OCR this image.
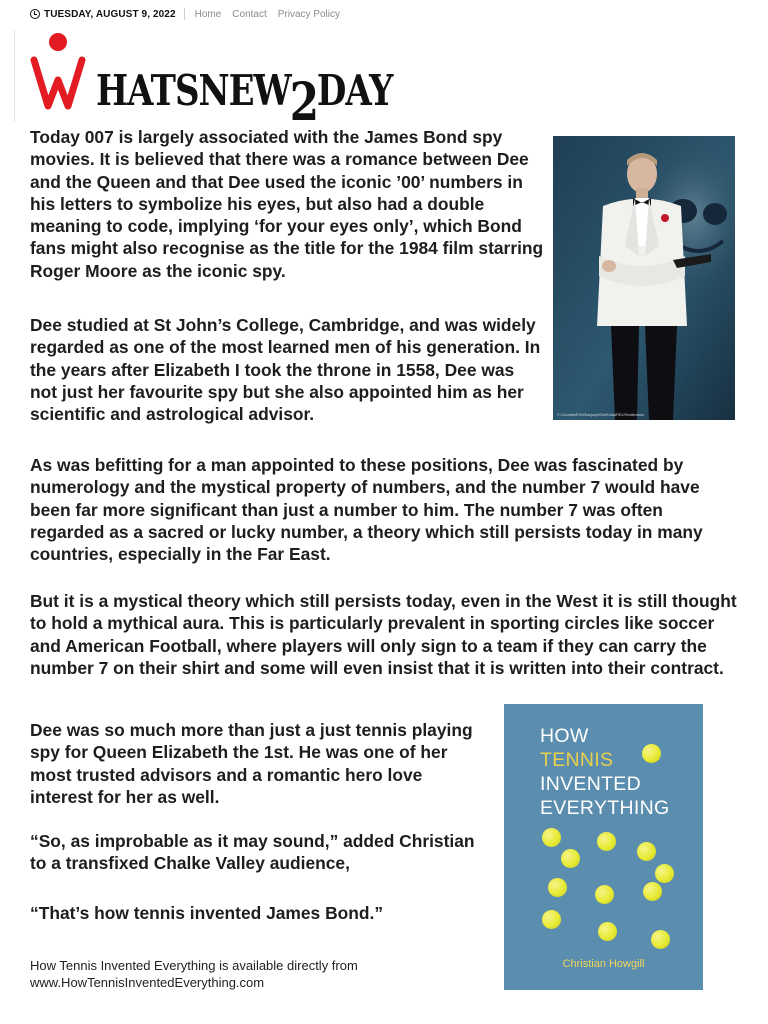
TUESDAY, AUGUST 9, 2022 Home Contact Privacy Policy
HATSNEW2DAY

Today 007 is largely associated with the James Bond spy movies. It is believed that there was a romance between Dee and the Queen and that Dee used the iconic ’00’ numbers in his letters to symbolize his eyes, but also had a double meaning to code, implying ‘for your eyes only’, which Bond fans might also recognise as the title for the 1984 film starring Roger Moore as the iconic spy.

Dee studied at St John’s College, Cambridge, and was widely regarded as one of the most learned men of his generation. In the years after Elizabeth I took the throne in 1558, Dee was not just her favourite spy but she also appointed him as her scientific and astrological advisor.

As was befitting for a man appointed to these positions, Dee was fascinated by numerology and the mystical property of numbers, and the number 7 would have been far more significant than just a number to him. The number 7 was often regarded as a sacred or lucky number, a theory which still persists today in many countries, especially in the Far East.

But it is a mystical theory which still persists today, even in the West it is still thought to hold a mythical aura. This is particularly prevalent in sporting circles like soccer and American Football, where players will only sign to a team if they can carry the number 7 on their shirt and some will even insist that it is written into their contract.

Dee was so much more than just a just tennis playing spy for Queen Elizabeth the 1st. He was one of her most trusted advisors and a romantic hero love interest for her as well.

“So, as improbable as it may sound,” added Christian to a transfixed Chalke Valley audience,

“That’s how tennis invented James Bond.”

© Columbia/EON/Danjaq/MGM/Kobal/REX/Shutterstock
HOW
TENNIS
INVENTED
EVERYTHING
Christian Howgill
How Tennis Invented Everything is available directly from
www.HowTennisInventedEverything.com
